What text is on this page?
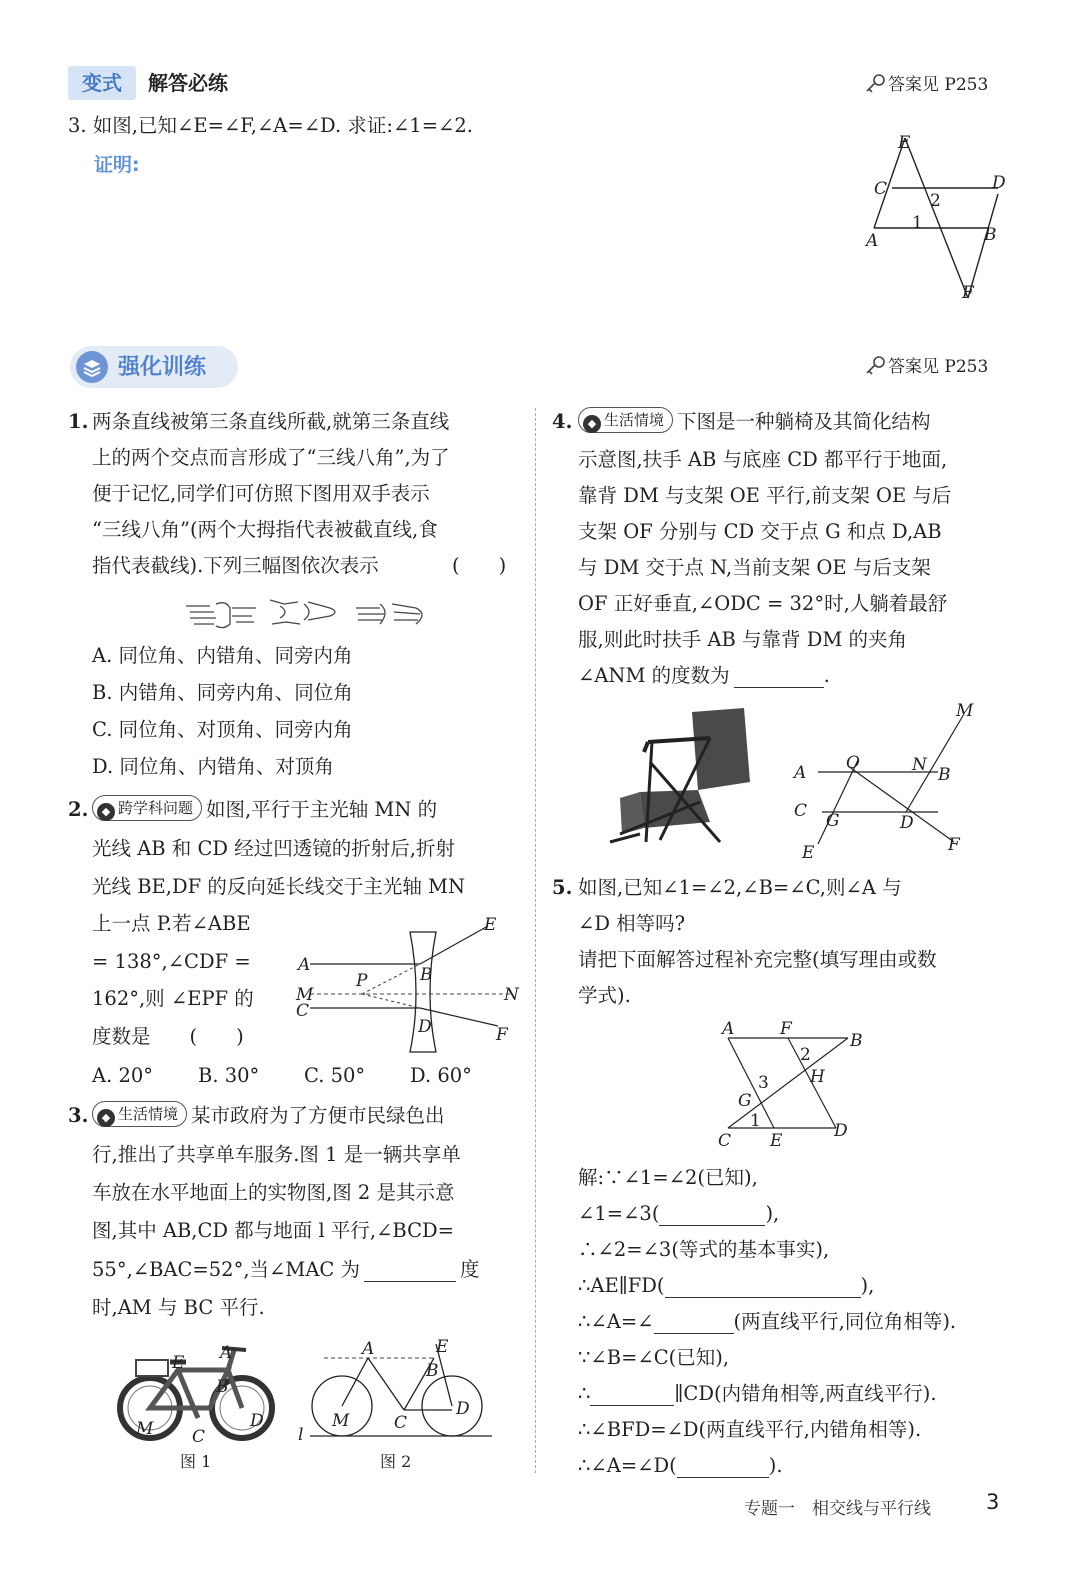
变式	解答必练	答案见 P253
3. 如图,已知∠E=∠F,∠A=∠D. 求证:∠1=∠2.
证明:
E
C	D
2
1
A	B
F
强化训练	答案见 P253
1. 两条直线被第三条直线所截,就第三条直线
上的两个交点而言形成了“三线八角”,为了
便于记忆,同学们可仿照下图用双手表示
“三线八角”(两个大拇指代表被截直线,食
指代表截线).下列三幅图依次表示	(　　)
A. 同位角、内错角、同旁内角
B. 内错角、同旁内角、同位角
C. 同位角、对顶角、同旁内角
D. 同位角、内错角、对顶角
2.	◆ 跨学科问题 如图,平行于主光轴 MN 的
光线 AB 和 CD 经过凹透镜的折射后,折射
光线 BE,DF 的反向延长线交于主光轴 MN
上一点 P.若∠ABE
= 138°,∠CDF =
162°,则 ∠EPF 的
度数是　　(　　)
A. 20° B. 30° C. 50° D. 60°
A
P	B
M
C
D
N
E
F
3.	◆ 生活情境 某市政府为了方便市民绿色出
行,推出了共享单车服务.图 1 是一辆共享单
车放在水平地面上的实物图,图 2 是其示意
图,其中 AB,CD 都与地面 l 平行,∠BCD=
55°,∠BAC=52°,当∠MAC 为	度
时,AM 与 BC 平行.
E A
B
M C
D
图 1
A	E
B
M	C
D
l
图 2
4.	◆ 生活情境 下图是一种躺椅及其简化结构
示意图,扶手 AB 与底座 CD 都平行于地面,
靠背 DM 与支架 OE 平行,前支架 OE 与后
支架 OF 分别与 CD 交于点 G 和点 D,AB
与 DM 交于点 N,当前支架 OE 与后支架
OF 正好垂直,∠ODC = 32°时,人躺着最舒
服,则此时扶手 AB 与靠背 DM 的夹角
∠ANM 的度数为	.
M
A O	N B
C G	D
E	F
5. 如图,已知∠1=∠2,∠B=∠C,则∠A 与
∠D 相等吗?
请把下面解答过程补充完整(填写理由或数
学式).
A	F
B
2
H
3
G
1
C E	D
解:∵∠1=∠2(已知),
∠1=∠3(	),
∴∠2=∠3(等式的基本事实),
∴AE∥FD(	),
∴∠A=∠	(两直线平行,同位角相等).
∵∠B=∠C(已知),
∴	∥CD(内错角相等,两直线平行).
∴∠BFD=∠D(两直线平行,内错角相等).
∴∠A=∠D(	).
专题一　相交线与平行线	3
